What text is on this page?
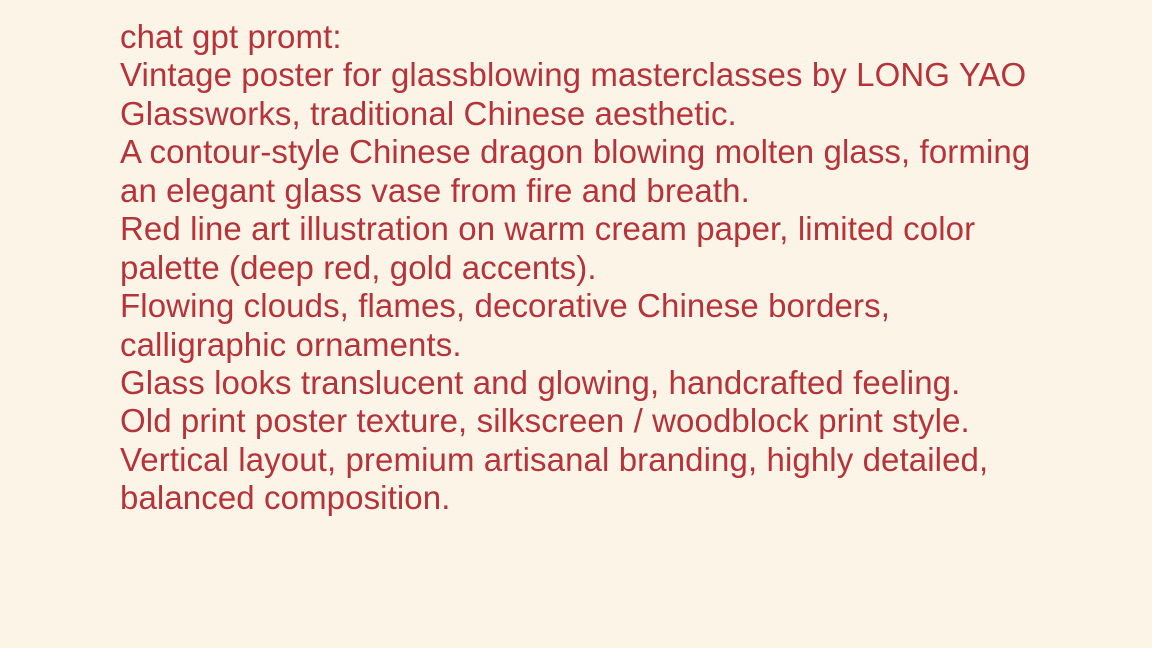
chat gpt promt:
Vintage poster for glassblowing masterclasses by LONG YAO Glassworks, traditional Chinese aesthetic.
A contour-style Chinese dragon blowing molten glass, forming an elegant glass vase from fire and breath.
Red line art illustration on warm cream paper, limited color palette (deep red, gold accents).
Flowing clouds, flames, decorative Chinese borders, calligraphic ornaments.
Glass looks translucent and glowing, handcrafted feeling.
Old print poster texture, silkscreen / woodblock print style.
Vertical layout, premium artisanal branding, highly detailed, balanced composition.
